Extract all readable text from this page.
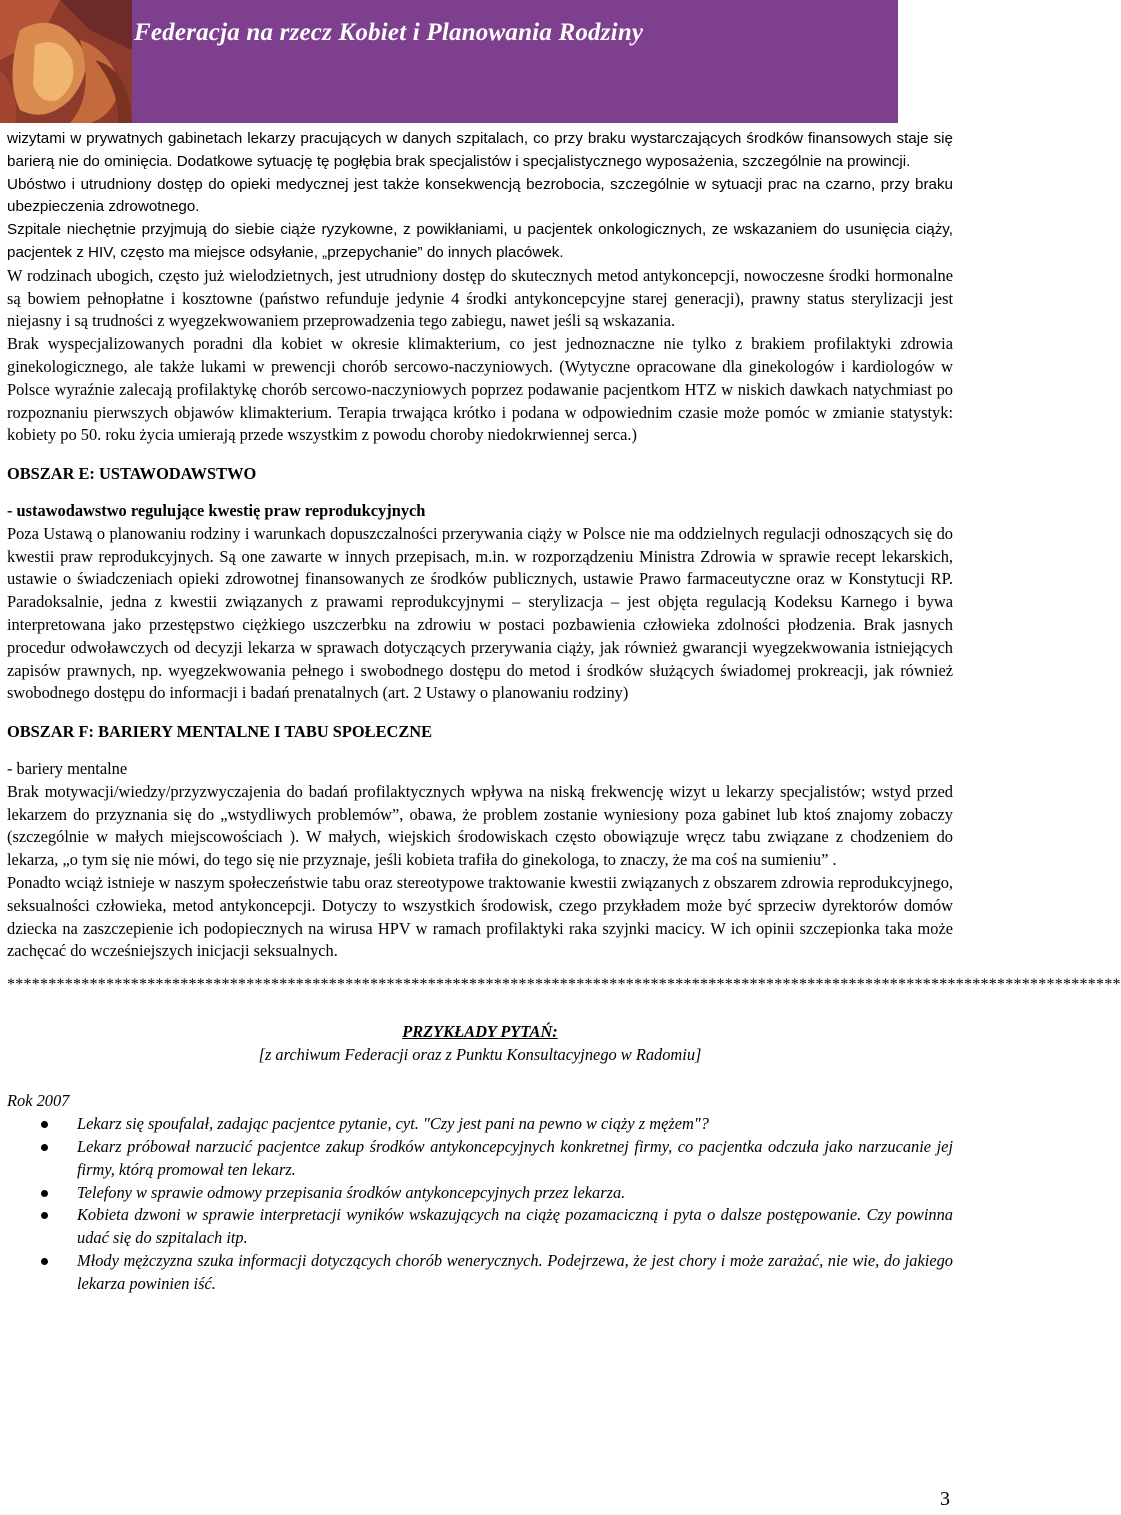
Federacja na rzecz Kobiet i Planowania Rodziny

wizytami w prywatnych gabinetach lekarzy pracujących w danych szpitalach, co przy braku wystarczających środków finansowych staje się barierą nie do ominięcia. Dodatkowe sytuację tę pogłębia brak specjalistów i specjalistycznego wyposażenia, szczególnie na prowincji.

Ubóstwo i utrudniony dostęp do opieki medycznej jest także konsekwencją bezrobocia, szczególnie w sytuacji prac na czarno, przy braku ubezpieczenia zdrowotnego.

Szpitale niechętnie przyjmują do siebie ciąże ryzykowne, z powikłaniami, u pacjentek onkologicznych, ze wskazaniem do usunięcia ciąży, pacjentek z HIV, często ma miejsce odsyłanie, „przepychanie” do innych placówek.

W rodzinach ubogich, często już wielodzietnych, jest utrudniony dostęp do skutecznych metod antykoncepcji, nowoczesne środki hormonalne są bowiem pełnopłatne i kosztowne (państwo refunduje jedynie 4 środki antykoncepcyjne starej generacji), prawny status sterylizacji jest niejasny i są trudności z wyegzekwowaniem przeprowadzenia tego zabiegu, nawet jeśli są wskazania.

Brak wyspecjalizowanych poradni dla kobiet w okresie klimakterium, co jest jednoznaczne nie tylko z brakiem profilaktyki zdrowia ginekologicznego, ale także lukami w prewencji chorób sercowo-naczyniowych. (Wytyczne opracowane dla ginekologów i kardiologów w Polsce wyraźnie zalecają profilaktykę chorób sercowo-naczyniowych poprzez podawanie pacjentkom HTZ w niskich dawkach natychmiast po rozpoznaniu pierwszych objawów klimakterium. Terapia trwająca krótko i podana w odpowiednim czasie może pomóc w zmianie statystyk: kobiety po 50. roku życia umierają przede wszystkim z powodu choroby niedokrwiennej serca.)

OBSZAR E: USTAWODAWSTWO

- ustawodawstwo regulujące kwestię praw reprodukcyjnych

Poza Ustawą o planowaniu rodziny i warunkach dopuszczalności przerywania ciąży w Polsce nie ma oddzielnych regulacji odnoszących się do kwestii praw reprodukcyjnych. Są one zawarte w innych przepisach, m.in. w rozporządzeniu Ministra Zdrowia w sprawie recept lekarskich, ustawie o świadczeniach opieki zdrowotnej finansowanych ze środków publicznych, ustawie Prawo farmaceutyczne oraz w Konstytucji RP. Paradoksalnie, jedna z kwestii związanych z prawami reprodukcyjnymi – sterylizacja – jest objęta regulacją Kodeksu Karnego i bywa interpretowana jako przestępstwo ciężkiego uszczerbku na zdrowiu w postaci pozbawienia człowieka zdolności płodzenia. Brak jasnych procedur odwoławczych od decyzji lekarza w sprawach dotyczących przerywania ciąży, jak również gwarancji wyegzekwowania istniejących zapisów prawnych, np. wyegzekwowania pełnego i swobodnego dostępu do metod i środków służących świadomej prokreacji, jak również swobodnego dostępu do informacji i badań prenatalnych (art. 2 Ustawy o planowaniu rodziny)

OBSZAR F: BARIERY MENTALNE I TABU SPOŁECZNE

- bariery mentalne

Brak motywacji/wiedzy/przyzwyczajenia do badań profilaktycznych wpływa na niską frekwencję wizyt u lekarzy specjalistów; wstyd przed lekarzem do przyznania się do „wstydliwych problemów”, obawa, że problem zostanie wyniesiony poza gabinet lub ktoś znajomy zobaczy (szczególnie w małych miejscowościach ). W małych, wiejskich środowiskach często obowiązuje wręcz tabu związane z chodzeniem do lekarza, „o tym się nie mówi, do tego się nie przyznaje, jeśli kobieta trafiła do ginekologa, to znaczy, że ma coś na sumieniu” .

Ponadto wciąż istnieje w naszym społeczeństwie tabu oraz stereotypowe traktowanie kwestii związanych z obszarem zdrowia reprodukcyjnego, seksualności człowieka, metod antykoncepcji. Dotyczy to wszystkich środowisk, czego przykładem może być sprzeciw dyrektorów domów dziecka na zaszczepienie ich podopiecznych na wirusa HPV w ramach profilaktyki raka szyjnki macicy. W ich opinii szczepionka taka może zachęcać do wcześniejszych inicjacji seksualnych.

***************************************************************************************************************************************

PRZYKŁADY PYTAŃ:

[z archiwum Federacji oraz z Punktu Konsultacyjnego w Radomiu]

Rok 2007

Lekarz się spoufalał, zadając pacjentce pytanie, cyt. "Czy jest pani na pewno w ciąży z mężem"?
Lekarz próbował narzucić pacjentce zakup środków antykoncepcyjnych konkretnej firmy, co pacjentka odczuła jako narzucanie jej firmy, którą promował ten lekarz.
Telefony w sprawie odmowy przepisania środków antykoncepcyjnych przez lekarza.
Kobieta dzwoni w sprawie interpretacji wyników wskazujących na ciążę pozamaciczną i pyta o dalsze postępowanie. Czy powinna udać się do szpitalach itp.
Młody mężczyzna szuka informacji dotyczących chorób wenerycznych. Podejrzewa, że jest chory i może zarażać, nie wie, do jakiego lekarza powinien iść.
3
